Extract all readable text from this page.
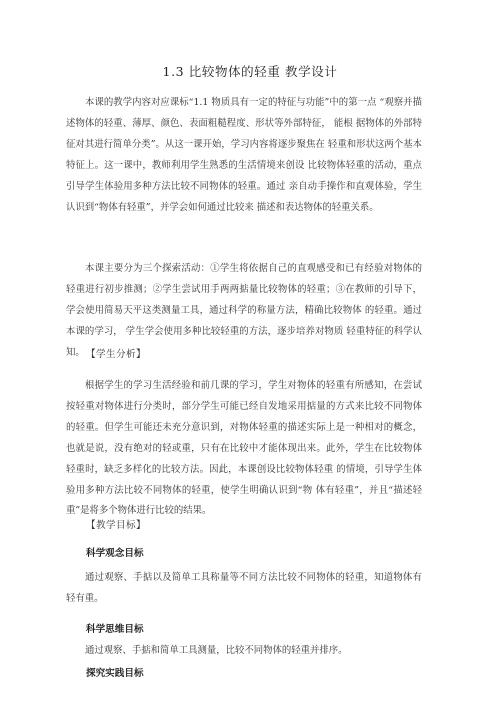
1.3 比较物体的轻重 教学设计

本课的教学内容对应课标“1.1 物质具有一定的特征与功能”中的第一点 “观察并描述物体的轻重、薄厚、颜色、表面粗糙程度、形状等外部特征， 能根 据物体的外部特征对其进行简单分类”。从这一课开始，学习内容将逐步聚焦在 轻重和形状这两个基本特征上。这一课中，教师利用学生熟悉的生活情境来创设 比较物体轻重的活动，重点引导学生体验用多种方法比较不同物体的轻重。通过 亲自动手操作和直观体验，学生认识到“物体有轻重”，并学会如何通过比较来 描述和表达物体的轻重关系。

本课主要分为三个探索活动：①学生将依据自己的直观感受和已有经验对物体的轻重进行初步推测；②学生尝试用手两两掂量比较物体的轻重；③在教师的引导下，学会使用简易天平这类测量工具，通过科学的称量方法，精确比较物体 的轻重。通过本课的学习， 学生学会使用多种比较轻重的方法，逐步培养对物质 轻重特征的科学认知。 【学生分析】

根据学生的学习生活经验和前几课的学习，学生对物体的轻重有所感知，在尝试按轻重对物体进行分类时，部分学生可能已经自发地采用掂量的方式来比较不同物体的轻重。但学生可能还未充分意识到，对物体轻重的描述实际上是一种相对的概念，也就是说，没有绝对的轻或重，只有在比较中才能体现出来。此外，学生在比较物体轻重时，缺乏多样化的比较方法。因此，本课创设比较物体轻重 的情境，引导学生体验用多种方法比较不同物体的轻重，使学生明确认识到“物 体有轻重”，并且“描述轻重”是将多个物体进行比较的结果。

【教学目标】
科学观念目标

通过观察、手掂以及简单工具称量等不同方法比较不同物体的轻重，知道物体有轻有重。

科学思维目标

通过观察、手掂和简单工具测量，比较不同物体的轻重并排序。

探究实践目标
